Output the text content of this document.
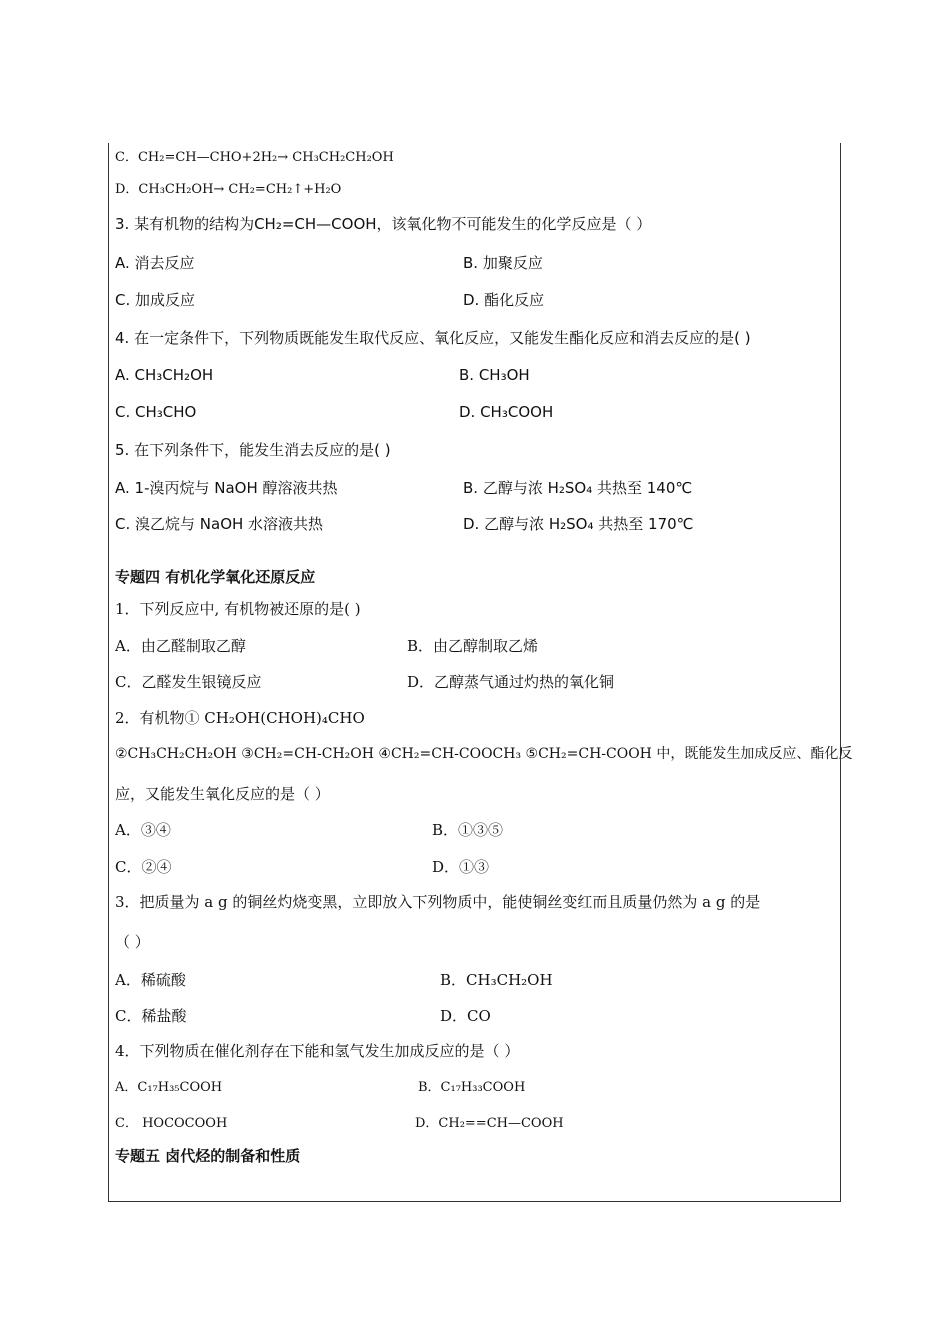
C．CH₂=CH—CHO+2H₂→ CH₃CH₂CH₂OH
D．CH₃CH₂OH→ CH₂=CH₂↑+H₂O
3. 某有机物的结构为CH₂=CH—COOH，该氧化物不可能发生的化学反应是（ ）
A. 消去反应	B. 加聚反应
C. 加成反应	D. 酯化反应
4. 在一定条件下，下列物质既能发生取代反应、氧化反应，又能发生酯化反应和消去反应的是( )
A. CH₃CH₂OH	B. CH₃OH
C. CH₃CHO	D. CH₃COOH
5. 在下列条件下，能发生消去反应的是( )
A. 1-溴丙烷与 NaOH 醇溶液共热	B. 乙醇与浓 H₂SO₄ 共热至 140℃
C. 溴乙烷与 NaOH 水溶液共热	D. 乙醇与浓 H₂SO₄ 共热至 170℃
专题四 有机化学氧化还原反应
1．下列反应中, 有机物被还原的是( )
A．由乙醛制取乙醇	B．由乙醇制取乙烯
C．乙醛发生银镜反应	D．乙醇蒸气通过灼热的氧化铜
2．有机物① CH₂OH(CHOH)₄CHO
②CH₃CH₂CH₂OH ③CH₂=CH-CH₂OH ④CH₂=CH-COOCH₃ ⑤CH₂=CH-COOH 中，既能发生加成反应、酯化反
应，又能发生氧化反应的是（ ）
A．③④	B．①③⑤
C．②④	D．①③
3．把质量为 a g 的铜丝灼烧变黑，立即放入下列物质中，能使铜丝变红而且质量仍然为 a g 的是
（ ）
A．稀硫酸	B．CH₃CH₂OH
C．稀盐酸	D．CO
4．下列物质在催化剂存在下能和氢气发生加成反应的是（ ）
A．C₁₇H₃₅COOH	B．C₁₇H₃₃COOH
C． HOCOCOOH	D．CH₂==CH—COOH
专题五 卤代烃的制备和性质
